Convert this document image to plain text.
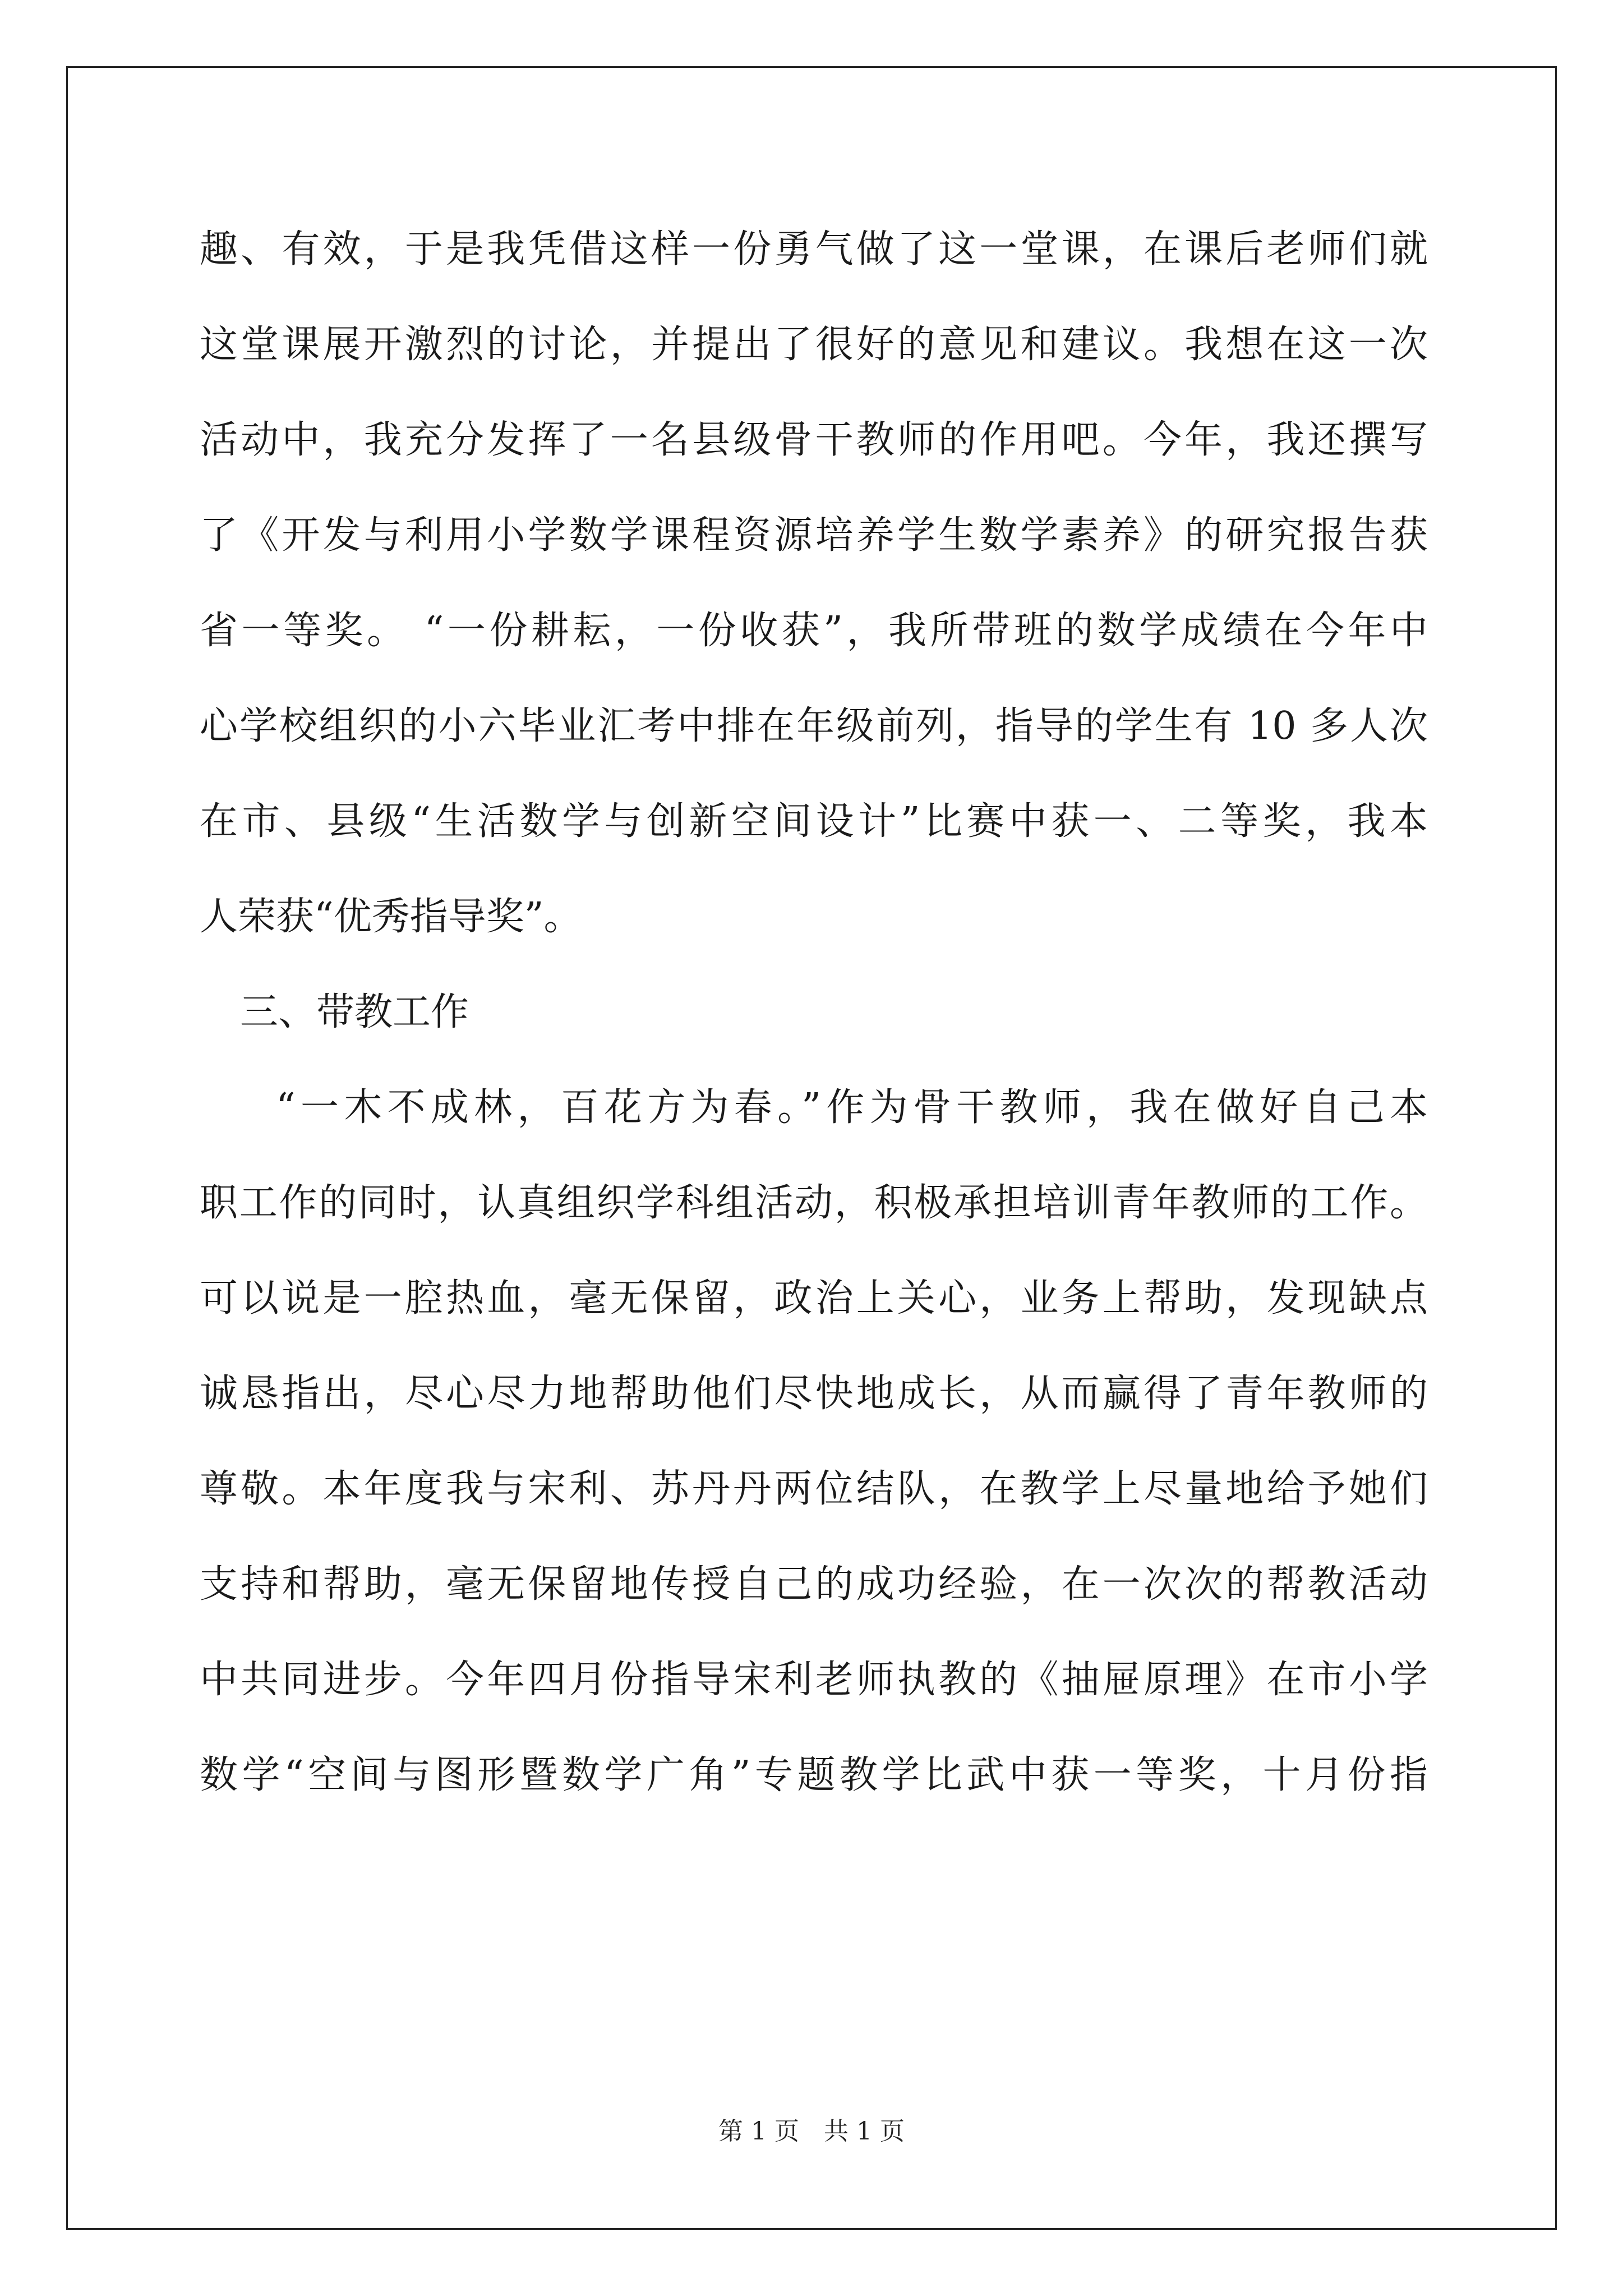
趣、有效，于是我凭借这样一份勇气做了这一堂课，在课后老师们就
这堂课展开激烈的讨论，并提出了很好的意见和建议。我想在这一次
活动中，我充分发挥了一名县级骨干教师的作用吧。今年，我还撰写
了《开发与利用小学数学课程资源培养学生数学素养》的研究报告获
省一等奖。 “一份耕耘，一份收获”，我所带班的数学成绩在今年中
心学校组织的小六毕业汇考中排在年级前列，指导的学生有 10 多人次
在市、县级“生活数学与创新空间设计”比赛中获一、二等奖，我本
人荣获“优秀指导奖”。
三、带教工作
“一木不成林，百花方为春。”作为骨干教师，我在做好自己本
职工作的同时，认真组织学科组活动，积极承担培训青年教师的工作。
可以说是一腔热血，毫无保留，政治上关心，业务上帮助，发现缺点
诚恳指出，尽心尽力地帮助他们尽快地成长，从而赢得了青年教师的
尊敬。本年度我与宋利、苏丹丹两位结队，在教学上尽量地给予她们
支持和帮助，毫无保留地传授自己的成功经验，在一次次的帮教活动
中共同进步。今年四月份指导宋利老师执教的《抽屉原理》在市小学
数学“空间与图形暨数学广角”专题教学比武中获一等奖，十月份指
第 1 页　共 1 页
